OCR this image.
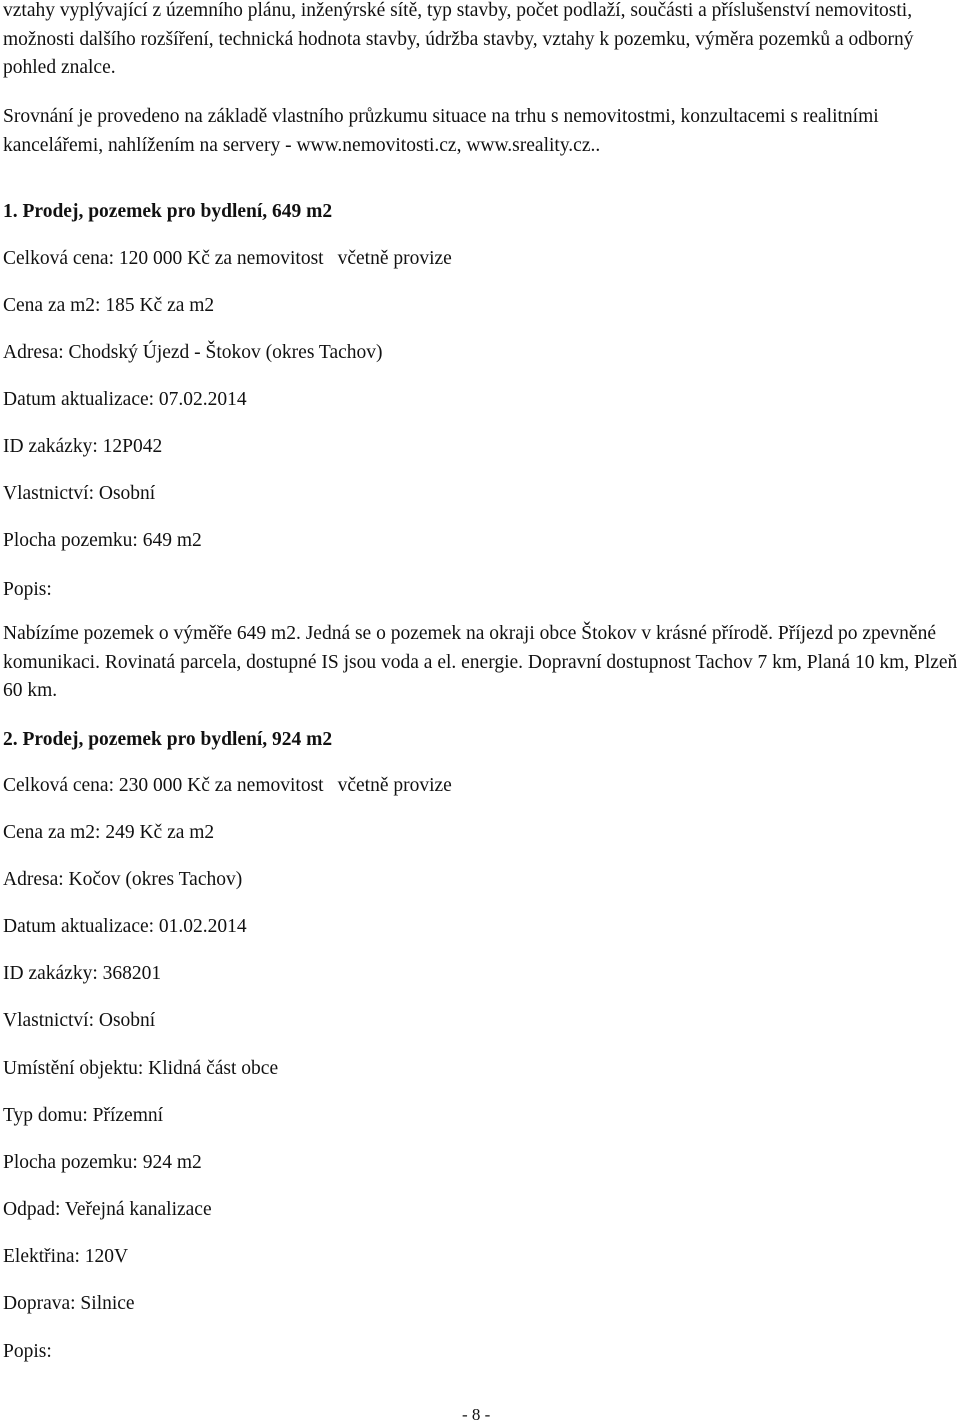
vztahy vyplývající z územního plánu, inženýrské sítě, typ stavby, počet podlaží, součásti a příslušenství nemovitosti, možnosti dalšího rozšíření, technická hodnota stavby, údržba stavby, vztahy k pozemku, výměra pozemků a odborný pohled znalce.

Srovnání je provedeno na základě vlastního průzkumu situace na trhu s nemovitostmi, konzultacemi s realitními kancelářemi, nahlížením na servery - www.nemovitosti.cz, www.sreality.cz..

1. Prodej, pozemek pro bydlení, 649 m2

Celková cena: 120 000 Kč za nemovitost včetně provize

Cena za m2: 185 Kč za m2

Adresa: Chodský Újezd - Štokov (okres Tachov)

Datum aktualizace: 07.02.2014

ID zakázky: 12P042

Vlastnictví: Osobní

Plocha pozemku: 649 m2

Popis:

Nabízíme pozemek o výměře 649 m2. Jedná se o pozemek na okraji obce Štokov v krásné přírodě. Příjezd po zpevněné komunikaci. Rovinatá parcela, dostupné IS jsou voda a el. energie. Dopravní dostupnost Tachov 7 km, Planá 10 km, Plzeň 60 km.

2. Prodej, pozemek pro bydlení, 924 m2

Celková cena: 230 000 Kč za nemovitost včetně provize

Cena za m2: 249 Kč za m2

Adresa: Kočov (okres Tachov)

Datum aktualizace: 01.02.2014

ID zakázky: 368201

Vlastnictví: Osobní

Umístění objektu: Klidná část obce

Typ domu: Přízemní

Plocha pozemku: 924 m2

Odpad: Veřejná kanalizace

Elektřina: 120V

Doprava: Silnice

Popis:

- 8 -
